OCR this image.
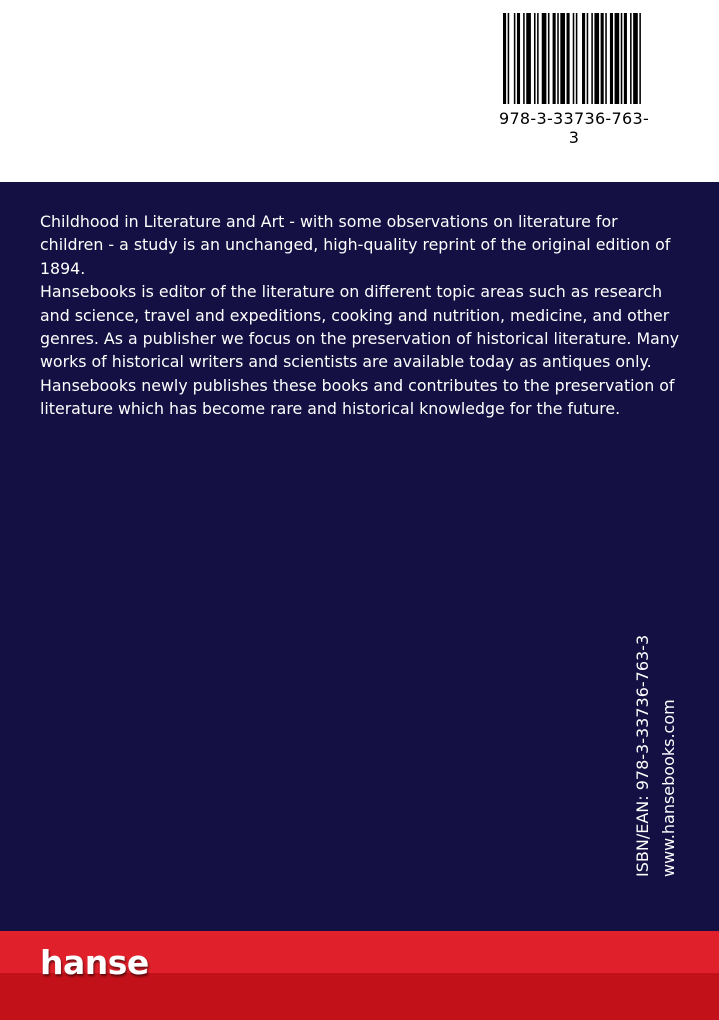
978-3-33736-763-3

Childhood in Literature and Art - with some observations on literature for children - a study is an unchanged, high-quality reprint of the original edition of 1894.

Hansebooks is editor of the literature on different topic areas such as research and science, travel and expeditions, cooking and nutrition, medicine, and other genres. As a publisher we focus on the preservation of historical literature. Many works of historical writers and scientists are available today as antiques only. Hansebooks newly publishes these books and contributes to the preservation of literature which has become rare and historical knowledge for the future.

ISBN/EAN: 978-3-33736-763-3 www.hansebooks.com
hanse
